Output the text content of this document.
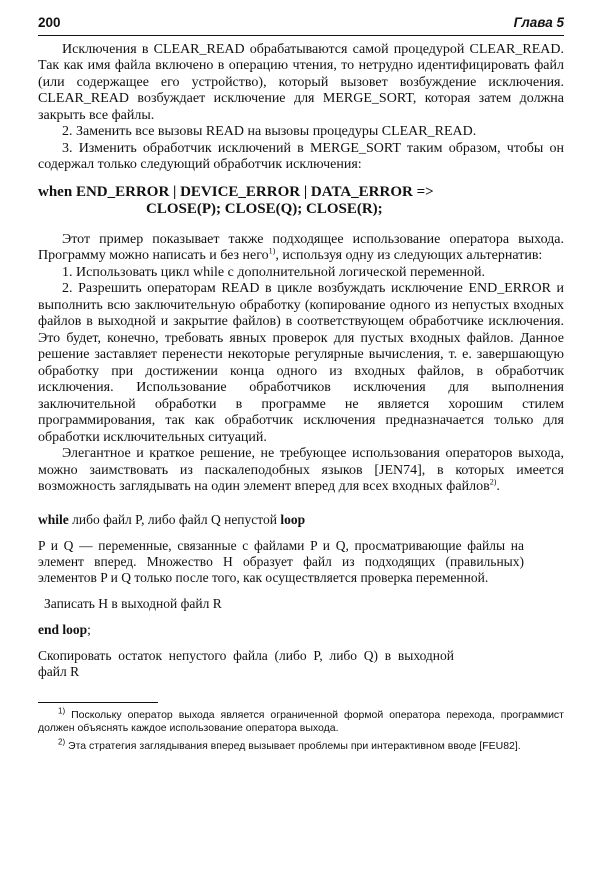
200	Глава 5

Исключения в CLEAR_READ обрабатываются самой процедурой CLEAR_READ. Так как имя файла включено в операцию чтения, то нетрудно идентифицировать файл (или содержащее его устройство), который вызовет возбуждение исключения. CLEAR_READ возбуждает исключение для MERGE_SORT, которая затем должна закрыть все файлы.

2. Заменить все вызовы READ на вызовы процедуры CLEAR_READ.

3. Изменить обработчик исключений в MERGE_SORT таким образом, чтобы он содержал только следующий обработчик исключения:

when END_ERROR | DEVICE_ERROR | DATA_ERROR =>
CLOSE(P); CLOSE(Q); CLOSE(R);

Этот пример показывает также подходящее использование оператора выхода. Программу можно написать и без него$^{1)}$, используя одну из следующих альтернатив:

1. Использовать цикл while с дополнительной логической переменной.

2. Разрешить операторам READ в цикле возбуждать исключение END_ERROR и выполнить всю заключительную обработку (копирование одного из непустых входных файлов в выходной и закрытие файлов) в соответствующем обработчике исключения. Это будет, конечно, требовать явных проверок для пустых входных файлов. Данное решение заставляет перенести некоторые регулярные вычисления, т. е. завершающую обработку при достижении конца одного из входных файлов, в обработчик исключения. Использование обработчиков исключения для выполнения заключительной обработки в программе не является хорошим стилем программирования, так как обработчик исключения предназначается только для обработки исключительных ситуаций.

Элегантное и краткое решение, не требующее использования операторов выхода, можно заимствовать из паскалеподобных языков [JEN74], в которых имеется возможность заглядывать на один элемент вперед для всех входных файлов$^{2)}$.

while либо файл P, либо файл Q непустой loop

P и Q — переменные, связанные с файлами P и Q, просматривающие файлы на элемент вперед. Множество H образует файл из подходящих (правильных) элементов P и Q только после того, как осуществляется проверка переменной.

Записать H в выходной файл R

end loop;

Скопировать остаток непустого файла (либо P, либо Q) в выходной файл R

$^{1)}$ Поскольку оператор выхода является ограниченной формой оператора перехода, программист должен объяснять каждое использование оператора выхода.

$^{2)}$ Эта стратегия заглядывания вперед вызывает проблемы при интерактивном вводе [FEU82].
